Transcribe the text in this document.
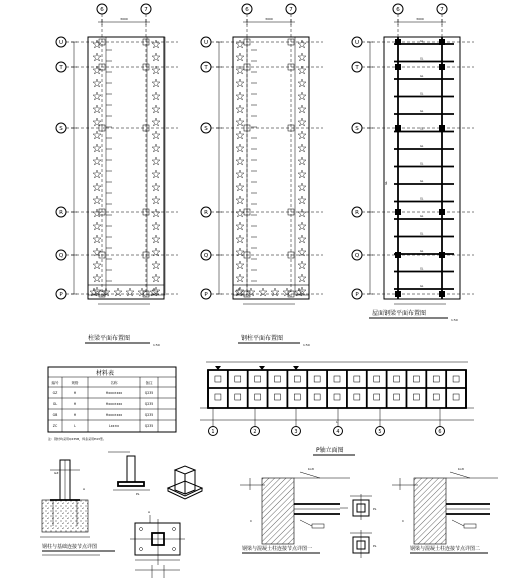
6	7
3000
U
T
S
R
Q
P
6	7
3000
U
T
S
R
Q
P
6	7
3000
U
T
S
R
Q
P
GL
GL
GL
GL
GL
GL
GL
GL
GL
GL
GL
GL
GL
GL
GL
GL
柱梁平面布置图
1:50
钢柱平面布置图
1:50
屋面钢梁平面布置图
1:50
材料表
编号	规格	名称	备注
GZ	H	Hxxx×xxx	Q235
GL	H	Hxxx×xxx	Q235
GB	H	Hxxx×xxx	Q235
ZC	L	Lxx×x	Q235
注：钢材均采用Q235B，焊条采用E43型。
L
1	2	3	4	5	6
P轴立面图
GZ
A
钢柱与基础连接节点详图
PL
A
bolt
C
钢梁与混凝土柱连接节点详图一
PL
PL
bolt
C
钢梁与混凝土柱连接节点详图二
